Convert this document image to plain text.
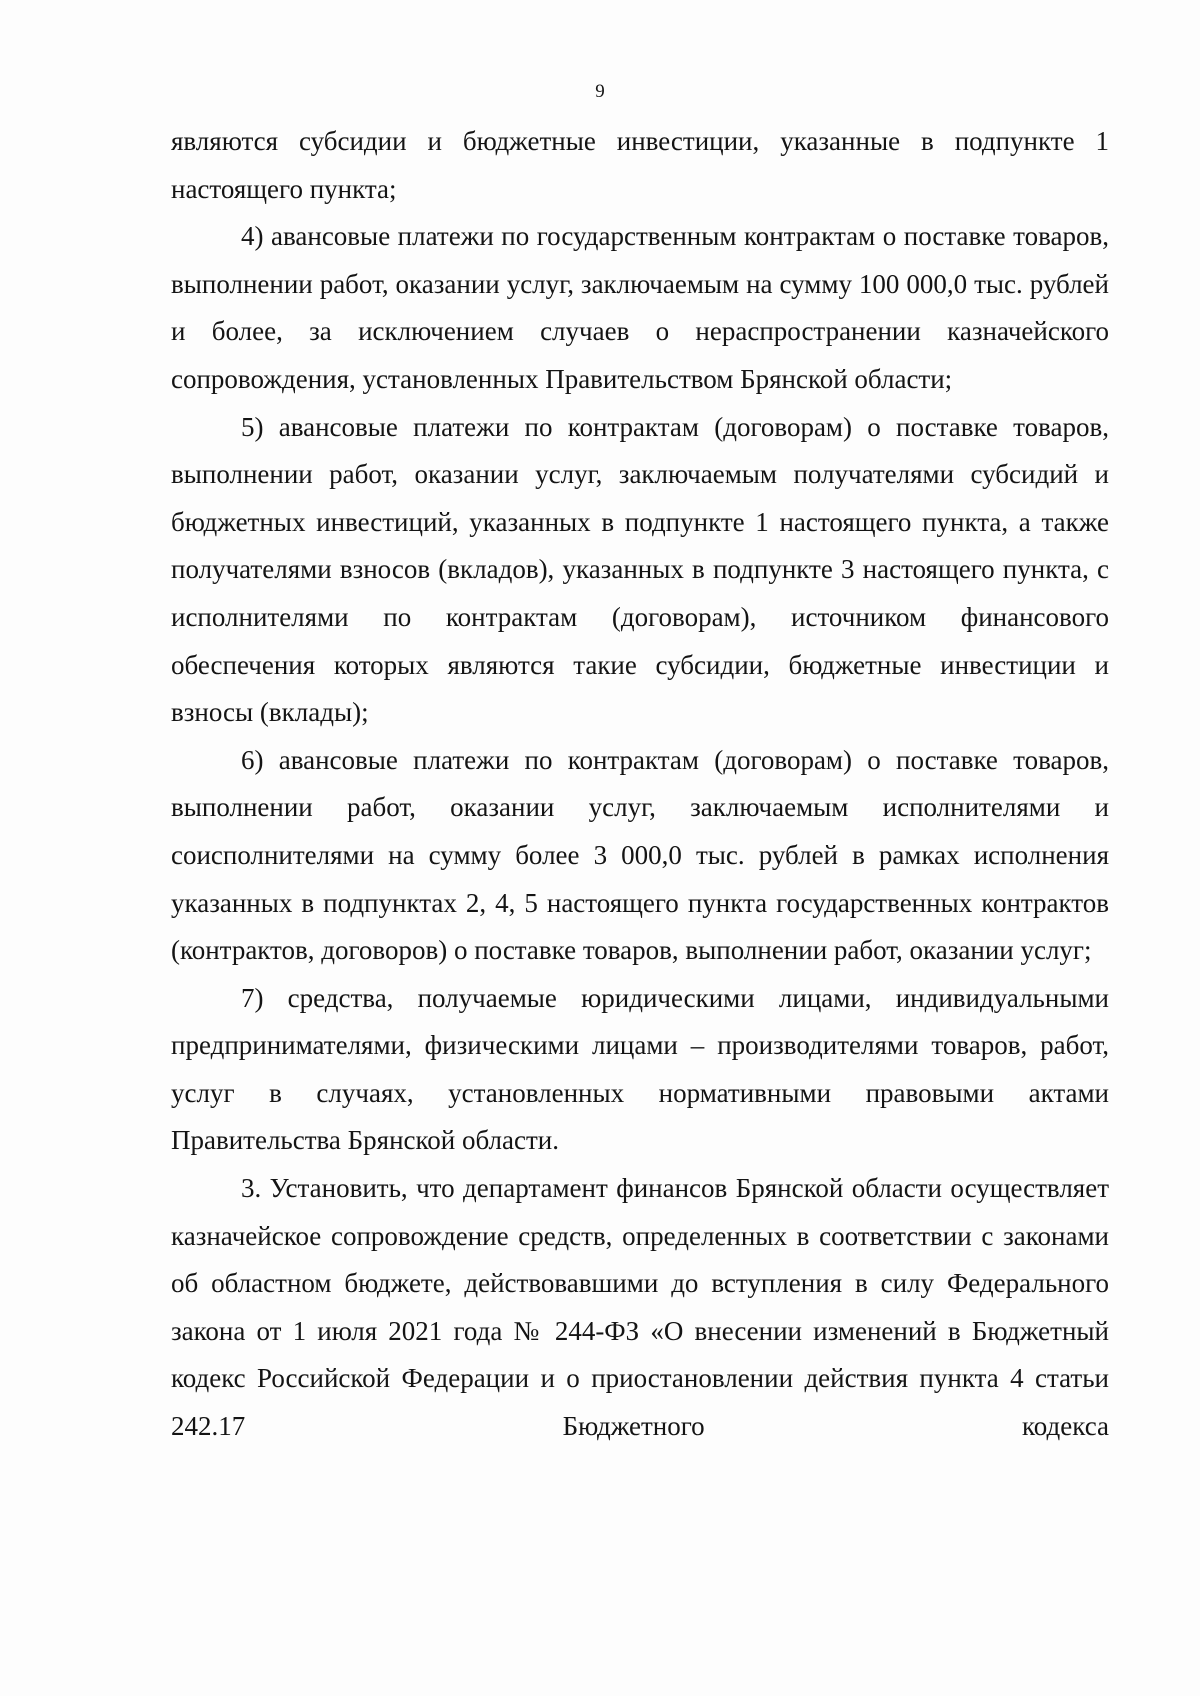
9

являются субсидии и бюджетные инвестиции, указанные в подпункте 1 настоящего пункта;

4) авансовые платежи по государственным контрактам о поставке товаров, выполнении работ, оказании услуг, заключаемым на сумму 100 000,0 тыс. рублей и более, за исключением случаев о нераспространении казначейского сопровождения, установленных Правительством Брянской области;

5) авансовые платежи по контрактам (договорам) о поставке товаров, выполнении работ, оказании услуг, заключаемым получателями субсидий и бюджетных инвестиций, указанных в подпункте 1 настоящего пункта, а также получателями взносов (вкладов), указанных в подпункте 3 настоящего пункта, с исполнителями по контрактам (договорам), источником финансового обеспечения которых являются такие субсидии, бюджетные инвестиции и взносы (вклады);

6) авансовые платежи по контрактам (договорам) о поставке товаров, выполнении работ, оказании услуг, заключаемым исполнителями и соисполнителями на сумму более 3 000,0 тыс. рублей в рамках исполнения указанных в подпунктах 2, 4, 5 настоящего пункта государственных контрактов (контрактов, договоров) о поставке товаров, выполнении работ, оказании услуг;

7) средства, получаемые юридическими лицами, индивидуальными предпринимателями, физическими лицами – производителями товаров, работ, услуг в случаях, установленных нормативными правовыми актами Правительства Брянской области.

3. Установить, что департамент финансов Брянской области осуществляет казначейское сопровождение средств, определенных в соответствии с законами об областном бюджете, действовавшими до вступления в силу Федерального закона от 1 июля 2021 года № 244-ФЗ «О внесении изменений в Бюджетный кодекс Российской Федерации и о приостановлении действия пункта 4 статьи 242.17 Бюджетного кодекса
